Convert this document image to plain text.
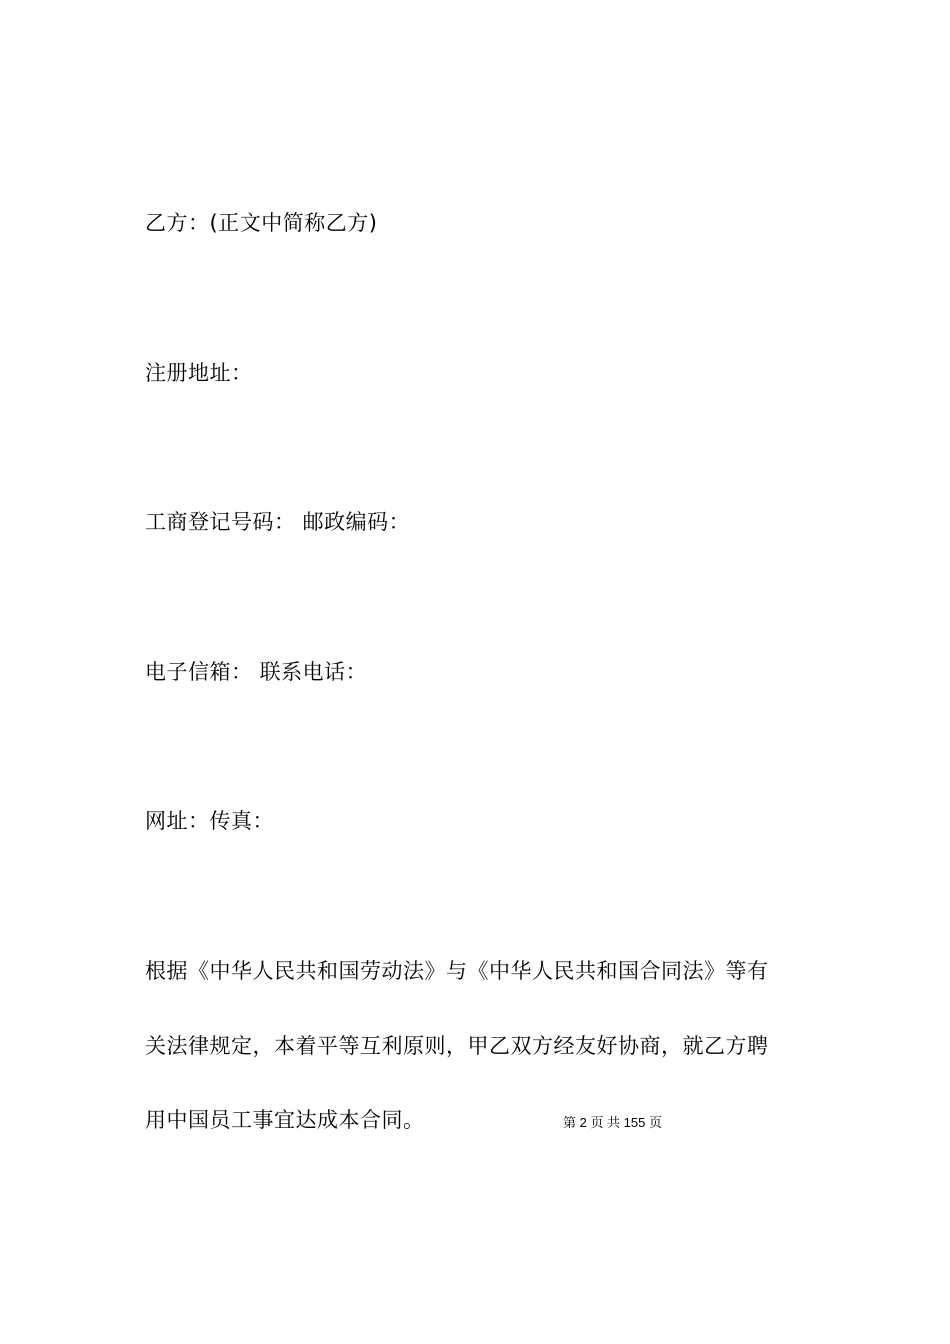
乙方：(正文中简称乙方)
注册地址：
工商登记号码： 邮政编码：
电子信箱： 联系电话：
网址：传真：
根据《中华人民共和国劳动法》与《中华人民共和国合同法》等有
关法律规定，本着平等互利原则，甲乙双方经友好协商，就乙方聘
用中国员工事宜达成本合同。	第 2 页 共 155 页
